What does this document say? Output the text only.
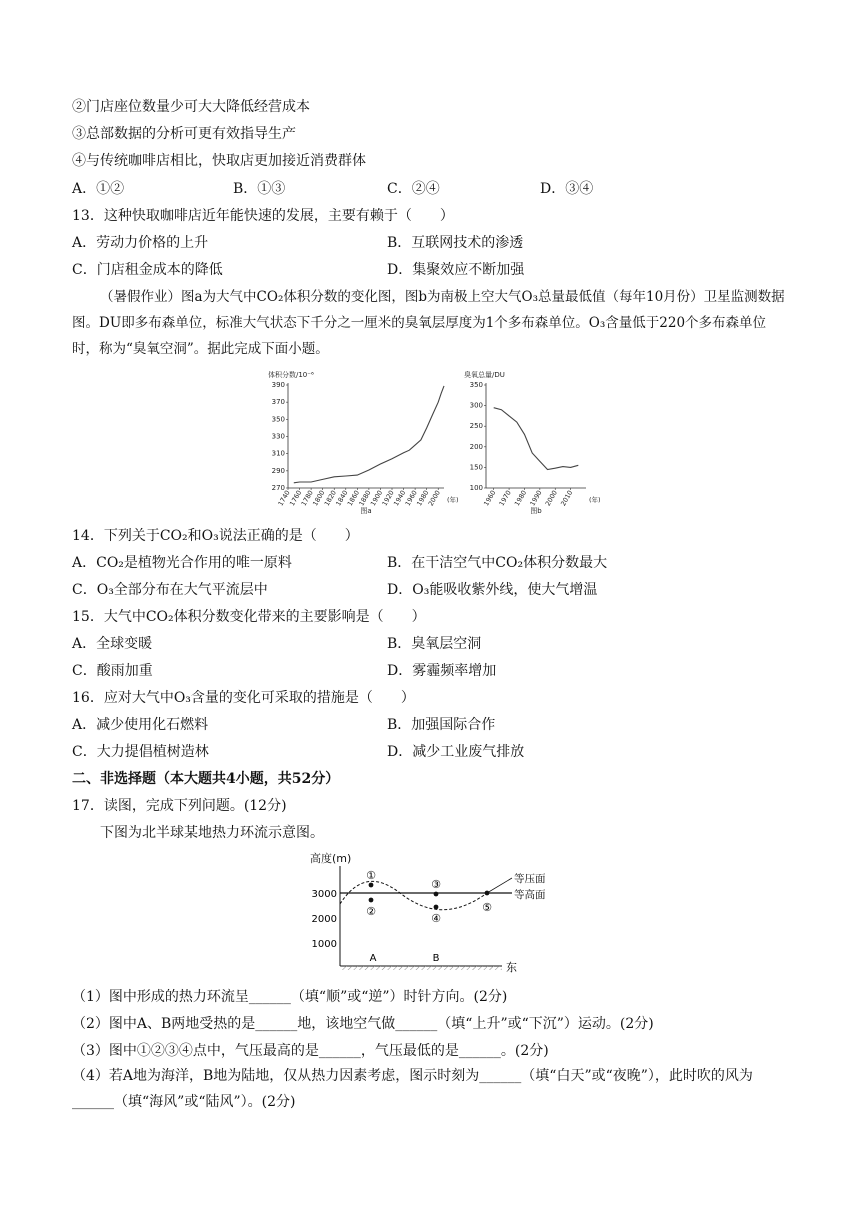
②门店座位数量少可大大降低经营成本
③总部数据的分析可更有效指导生产
④与传统咖啡店相比，快取店更加接近消费群体
A．①②	B．①③	C．②④	D．③④
13．这种快取咖啡店近年能快速的发展，主要有赖于（　　）
A．劳动力价格的上升	B．互联网技术的渗透
C．门店租金成本的降低	D．集聚效应不断加强
（暑假作业）图a为大气中CO₂体积分数的变化图，图b为南极上空大气O₃总量最低值（每年10月份）卫星监测数据图。DU即多布森单位，标准大气状态下千分之一厘米的臭氧层厚度为1个多布森单位。O₃含量低于220个多布森单位时，称为“臭氧空洞”。据此完成下面小题。
体积分数/10⁻⁶
270
290
310
330
350
370
390
1740
1760
1780
1800
1820
1840
1860
1880
1900
1920
1940
1960
1980
2000 (年)
图a
臭氧总量/DU
100
150
200
250
300
350
1960 1970 1980 1990 2000 2010 (年)
图b
14．下列关于CO₂和O₃说法正确的是（　　）
A．CO₂是植物光合作用的唯一原料	B．在干洁空气中CO₂体积分数最大
C．O₃全部分布在大气平流层中	D．O₃能吸收紫外线，使大气增温
15．大气中CO₂体积分数变化带来的主要影响是（　　）
A．全球变暖	B．臭氧层空洞
C．酸雨加重	D．雾霾频率增加
16．应对大气中O₃含量的变化可采取的措施是（　　）
A．减少使用化石燃料	B．加强国际合作
C．大力提倡植树造林	D．减少工业废气排放
二、非选择题（本大题共4小题，共52分）
17．读图，完成下列问题。(12分)
下图为北半球某地热力环流示意图。
高度(m)
3000
2000
1000
等压面
等高面
①
②
③
④
⑤
A	B
东
（1）图中形成的热力环流呈______（填“顺”或“逆”）时针方向。(2分)
（2）图中A、B两地受热的是______地，该地空气做______（填“上升”或“下沉”）运动。(2分)
（3）图中①②③④点中，气压最高的是______，气压最低的是______。(2分)
（4）若A地为海洋，B地为陆地，仅从热力因素考虑，图示时刻为______（填“白天”或“夜晚”），此时吹的风为______（填“海风”或“陆风”）。(2分)
